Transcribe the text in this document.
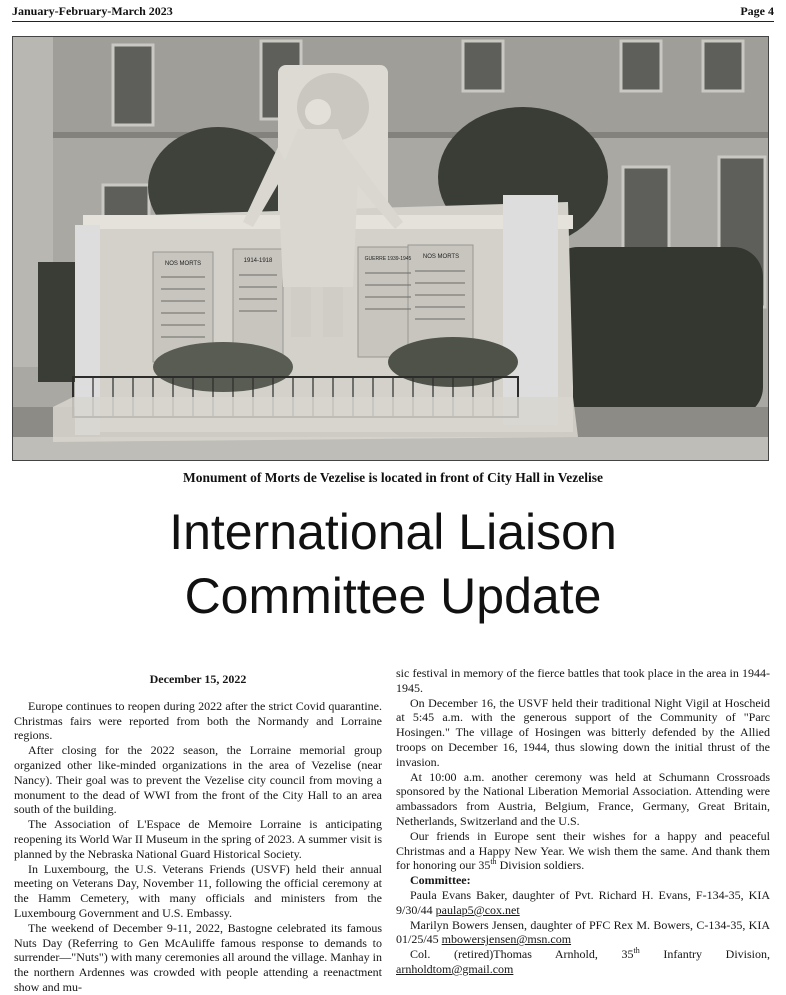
January-February-March 2023	Page 4
NOS MORTS	1914-1918	GUERRE 1939-1945 NOS MORTS
Monument of Morts de Vezelise is located in front of City Hall in Vezelise
International Liaison
Committee Update

December 15, 2022

Europe continues to reopen during 2022 after the strict Covid quarantine. Christmas fairs were reported from both the Normandy and Lorraine regions.

After closing for the 2022 season, the Lorraine memorial group organized other like-minded organizations in the area of Vezelise (near Nancy). Their goal was to prevent the Vezelise city council from moving a monument to the dead of WWI from the front of the City Hall to an area south of the building.

The Association of L'Espace de Memoire Lorraine is anticipating reopening its World War II Museum in the spring of 2023. A summer visit is planned by the Nebraska National Guard Historical Society.

In Luxembourg, the U.S. Veterans Friends (USVF) held their annual meeting on Veterans Day, November 11, following the official ceremony at the Hamm Cemetery, with many officials and ministers from the Luxembourg Government and U.S. Embassy.

The weekend of December 9-11, 2022, Bastogne celebrated its famous Nuts Day (Referring to Gen McAuliffe famous response to demands to surrender—"Nuts") with many ceremonies all around the village. Manhay in the northern Ardennes was crowded with people attending a reenactment show and mu-

sic festival in memory of the fierce battles that took place in the area in 1944-1945.

On December 16, the USVF held their traditional Night Vigil at Hoscheid at 5:45 a.m. with the generous support of the Community of "Parc Hosingen." The village of Hosingen was bitterly defended by the Allied troops on December 16, 1944, thus slowing down the initial thrust of the invasion.

At 10:00 a.m. another ceremony was held at Schumann Crossroads sponsored by the National Liberation Memorial Association. Attending were ambassadors from Austria, Belgium, France, Germany, Great Britain, Netherlands, Switzerland and the U.S.

Our friends in Europe sent their wishes for a happy and peaceful Christmas and a Happy New Year. We wish them the same. And thank them for honoring our 35th Division soldiers.

Committee:

Paula Evans Baker, daughter of Pvt. Richard H. Evans, F-134-35, KIA 9/30/44 paulap5@cox.net

Marilyn Bowers Jensen, daughter of PFC Rex M. Bowers, C-134-35, KIA 01/25/45 mbowersjensen@msn.com

Col. (retired)Thomas Arnhold, 35th Infantry Division, arnholdtom@gmail.com
